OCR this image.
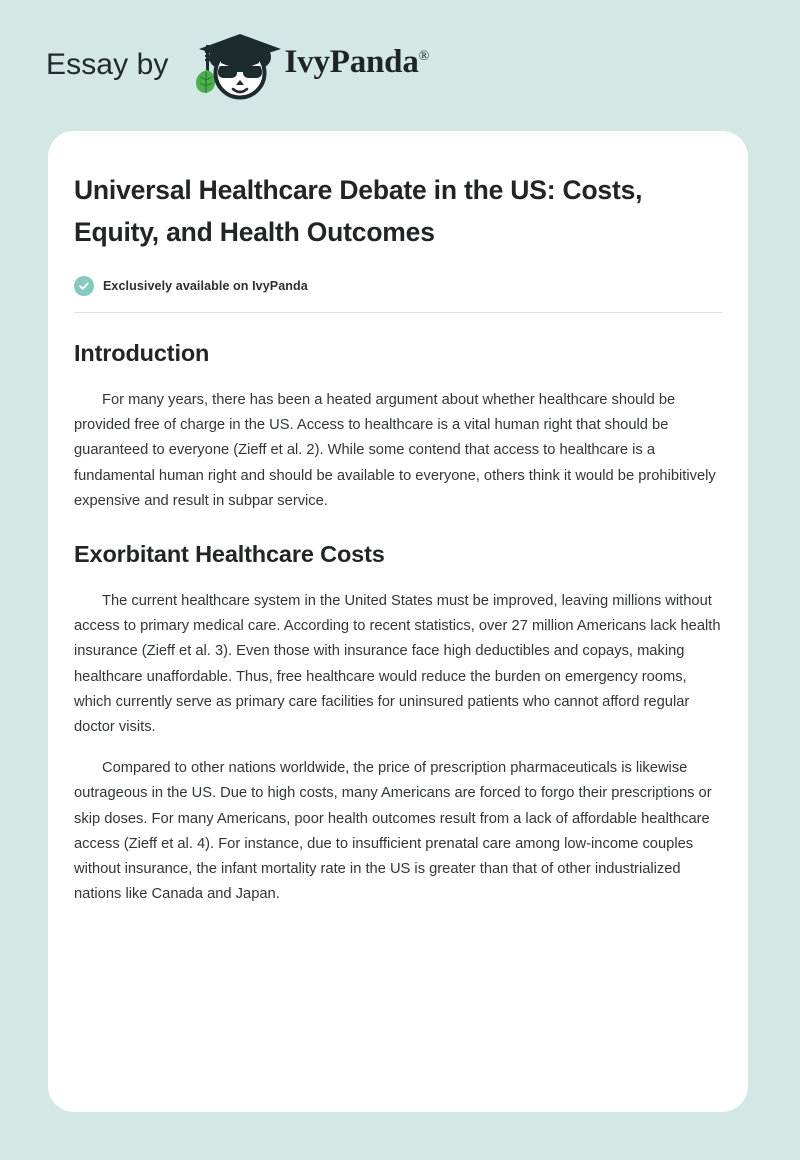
Essay by	IvyPanda®
Universal Healthcare Debate in the US: Costs, Equity, and Health Outcomes
Exclusively available on IvyPanda
Introduction

For many years, there has been a heated argument about whether healthcare should be provided free of charge in the US. Access to healthcare is a vital human right that should be guaranteed to everyone (Zieff et al. 2). While some contend that access to healthcare is a fundamental human right and should be available to everyone, others think it would be prohibitively expensive and result in subpar service.

Exorbitant Healthcare Costs

The current healthcare system in the United States must be improved, leaving millions without access to primary medical care. According to recent statistics, over 27 million Americans lack health insurance (Zieff et al. 3). Even those with insurance face high deductibles and copays, making healthcare unaffordable. Thus, free healthcare would reduce the burden on emergency rooms, which currently serve as primary care facilities for uninsured patients who cannot afford regular doctor visits.

Compared to other nations worldwide, the price of prescription pharmaceuticals is likewise outrageous in the US. Due to high costs, many Americans are forced to forgo their prescriptions or skip doses. For many Americans, poor health outcomes result from a lack of affordable healthcare access (Zieff et al. 4). For instance, due to insufficient prenatal care among low-income couples without insurance, the infant mortality rate in the US is greater than that of other industrialized nations like Canada and Japan.
